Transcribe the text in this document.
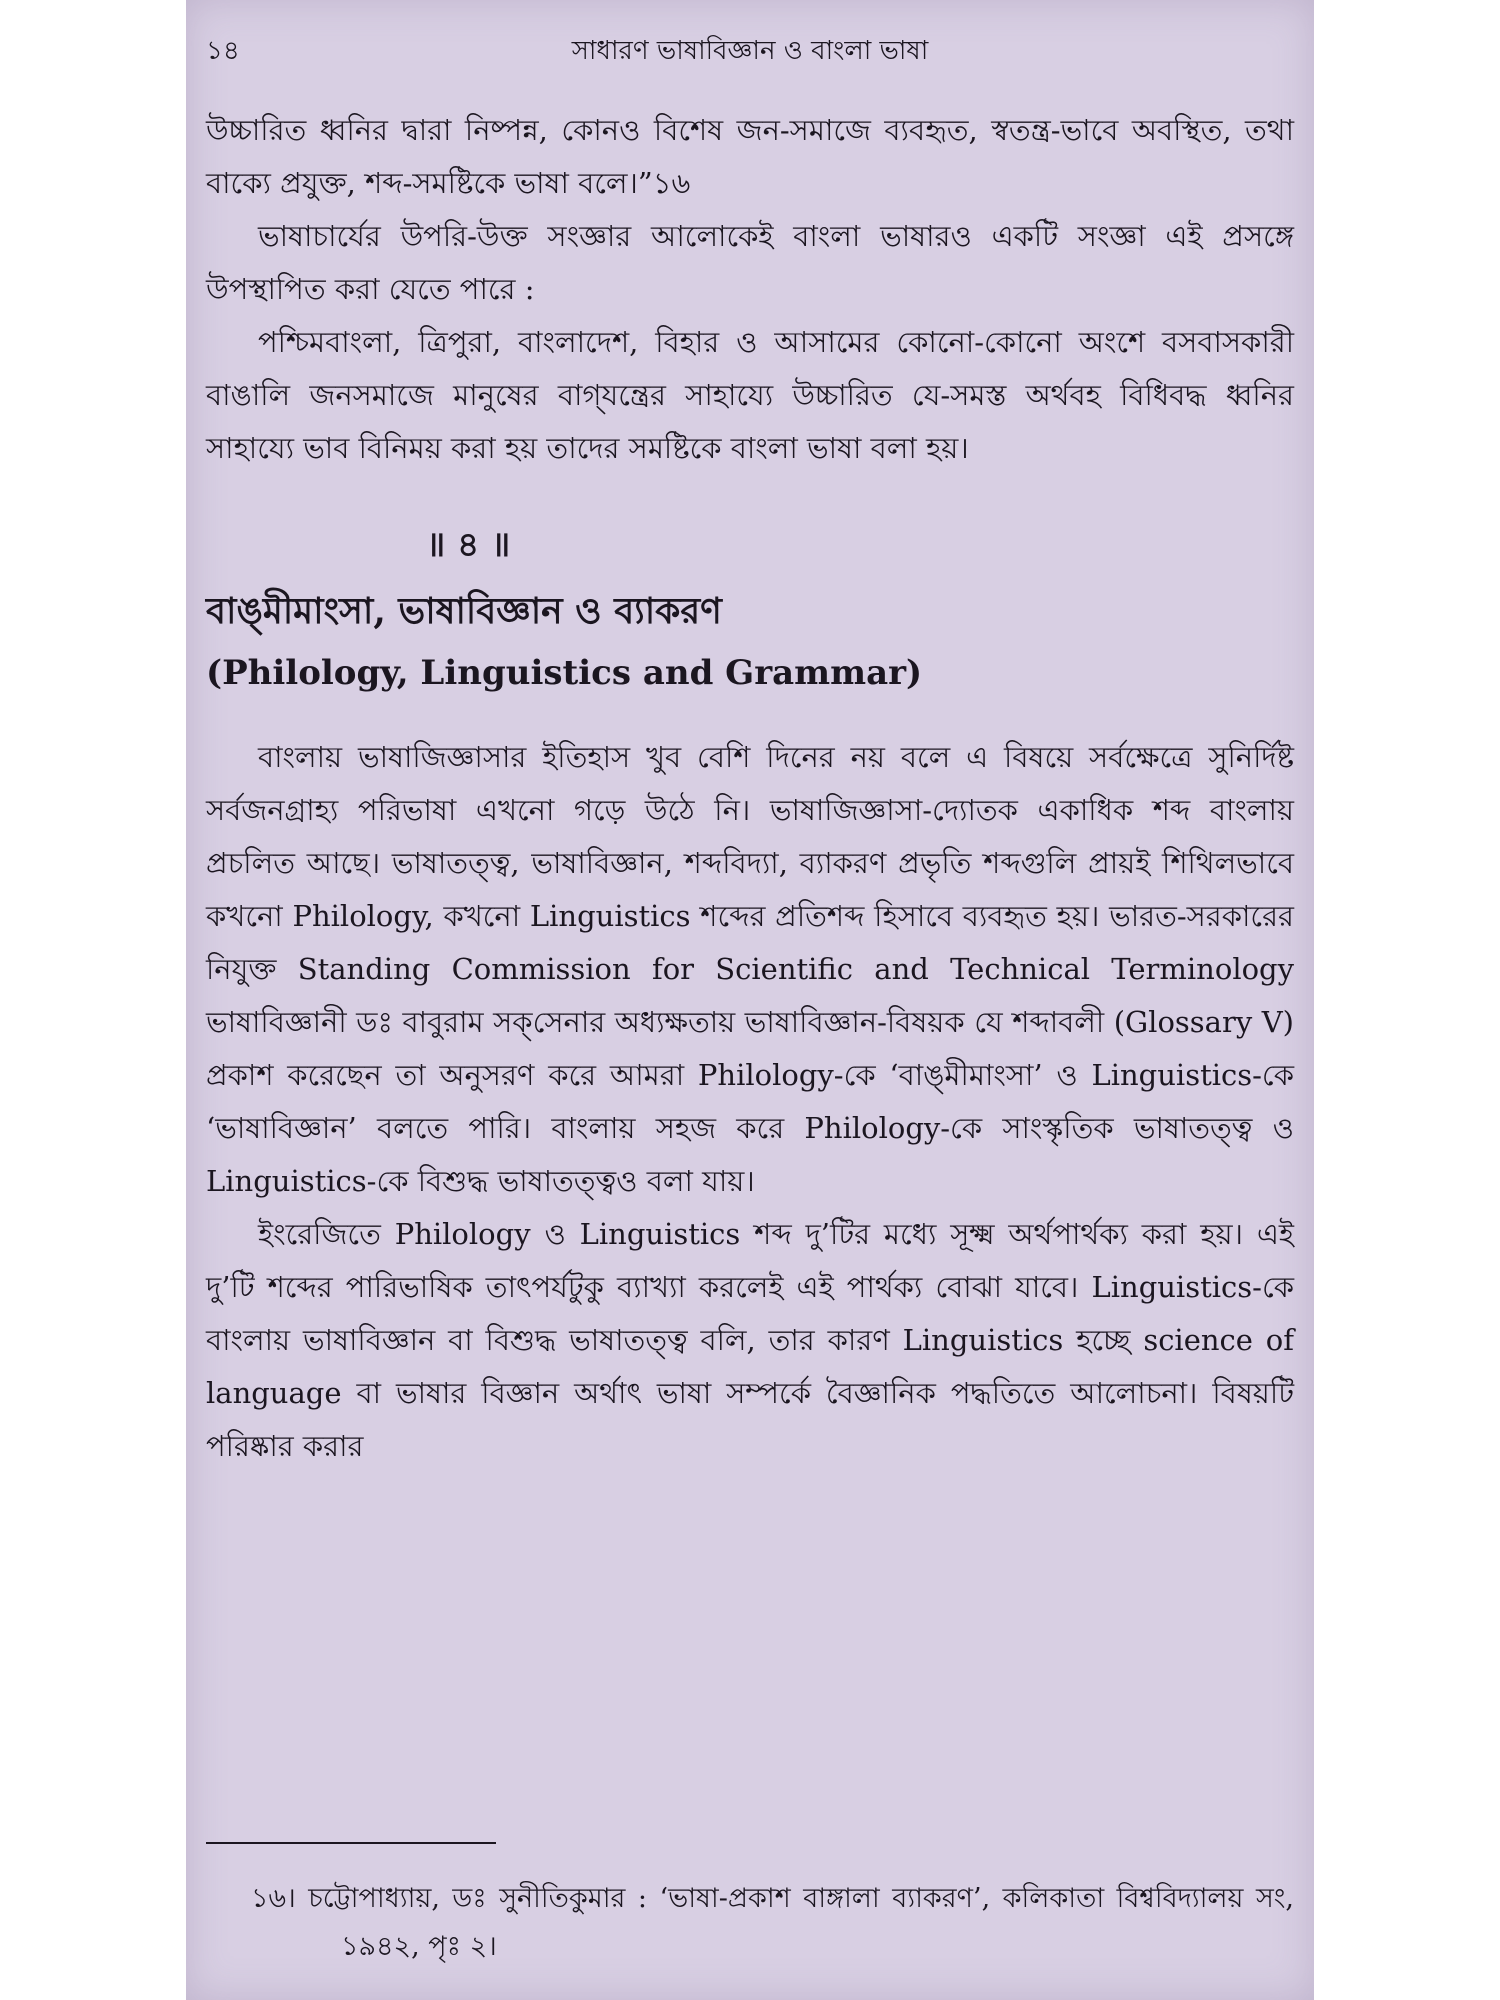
১৪	সাধারণ ভাষাবিজ্ঞান ও বাংলা ভাষা

উচ্চারিত ধ্বনির দ্বারা নিষ্পন্ন, কোনও বিশেষ জন-সমাজে ব্যবহৃত, স্বতন্ত্র-ভাবে অবস্থিত, তথা বাক্যে প্রযুক্ত, শব্দ-সমষ্টিকে ভাষা বলে।”১৬

ভাষাচার্যের উপরি-উক্ত সংজ্ঞার আলোকেই বাংলা ভাষারও একটি সংজ্ঞা এই প্রসঙ্গে উপস্থাপিত করা যেতে পারে :

পশ্চিমবাংলা, ত্রিপুরা, বাংলাদেশ, বিহার ও আসামের কোনো-কোনো অংশে বসবাসকারী বাঙালি জনসমাজে মানুষের বাগ্‌যন্ত্রের সাহায্যে উচ্চারিত যে-সমস্ত অর্থবহ বিধিবদ্ধ ধ্বনির সাহায্যে ভাব বিনিময় করা হয় তাদের সমষ্টিকে বাংলা ভাষা বলা হয়।

॥ ৪ ॥
বাঙ্‌মীমাংসা, ভাষাবিজ্ঞান ও ব্যাকরণ
(Philology, Linguistics and Grammar)

বাংলায় ভাষাজিজ্ঞাসার ইতিহাস খুব বেশি দিনের নয় বলে এ বিষয়ে সর্বক্ষেত্রে সুনির্দিষ্ট সর্বজনগ্রাহ্য পরিভাষা এখনো গড়ে উঠে নি। ভাষাজিজ্ঞাসা-দ্যোতক একাধিক শব্দ বাংলায় প্রচলিত আছে। ভাষাতত্ত্ব, ভাষাবিজ্ঞান, শব্দবিদ্যা, ব্যাকরণ প্রভৃতি শব্দগুলি প্রায়ই শিথিলভাবে কখনো Philology, কখনো Linguistics শব্দের প্রতিশব্দ হিসাবে ব্যবহৃত হয়। ভারত-সরকারের নিযুক্ত Standing Commission for Scientific and Technical Terminology ভাষাবিজ্ঞানী ডঃ বাবুরাম সক্‌সেনার অধ্যক্ষতায় ভাষাবিজ্ঞান-বিষয়ক যে শব্দাবলী (Glossary V) প্রকাশ করেছেন তা অনুসরণ করে আমরা Philology-কে ‘বাঙ্‌মীমাংসা’ ও Linguistics-কে ‘ভাষাবিজ্ঞান’ বলতে পারি। বাংলায় সহজ করে Philology-কে সাংস্কৃতিক ভাষাতত্ত্ব ও Linguistics-কে বিশুদ্ধ ভাষাতত্ত্বও বলা যায়।

ইংরেজিতে Philology ও Linguistics শব্দ দু’টির মধ্যে সূক্ষ্ম অর্থপার্থক্য করা হয়। এই দু’টি শব্দের পারিভাষিক তাৎপর্যটুকু ব্যাখ্যা করলেই এই পার্থক্য বোঝা যাবে। Linguistics-কে বাংলায় ভাষাবিজ্ঞান বা বিশুদ্ধ ভাষাতত্ত্ব বলি, তার কারণ Linguistics হচ্ছে science of language বা ভাষার বিজ্ঞান অর্থাৎ ভাষা সম্পর্কে বৈজ্ঞানিক পদ্ধতিতে আলোচনা। বিষয়টি পরিষ্কার করার

১৬। চট্টোপাধ্যায়, ডঃ সুনীতিকুমার : ‘ভাষা-প্রকাশ বাঙ্গালা ব্যাকরণ’, কলিকাতা বিশ্ববিদ্যালয় সং, ১৯৪২, পৃঃ ২।
